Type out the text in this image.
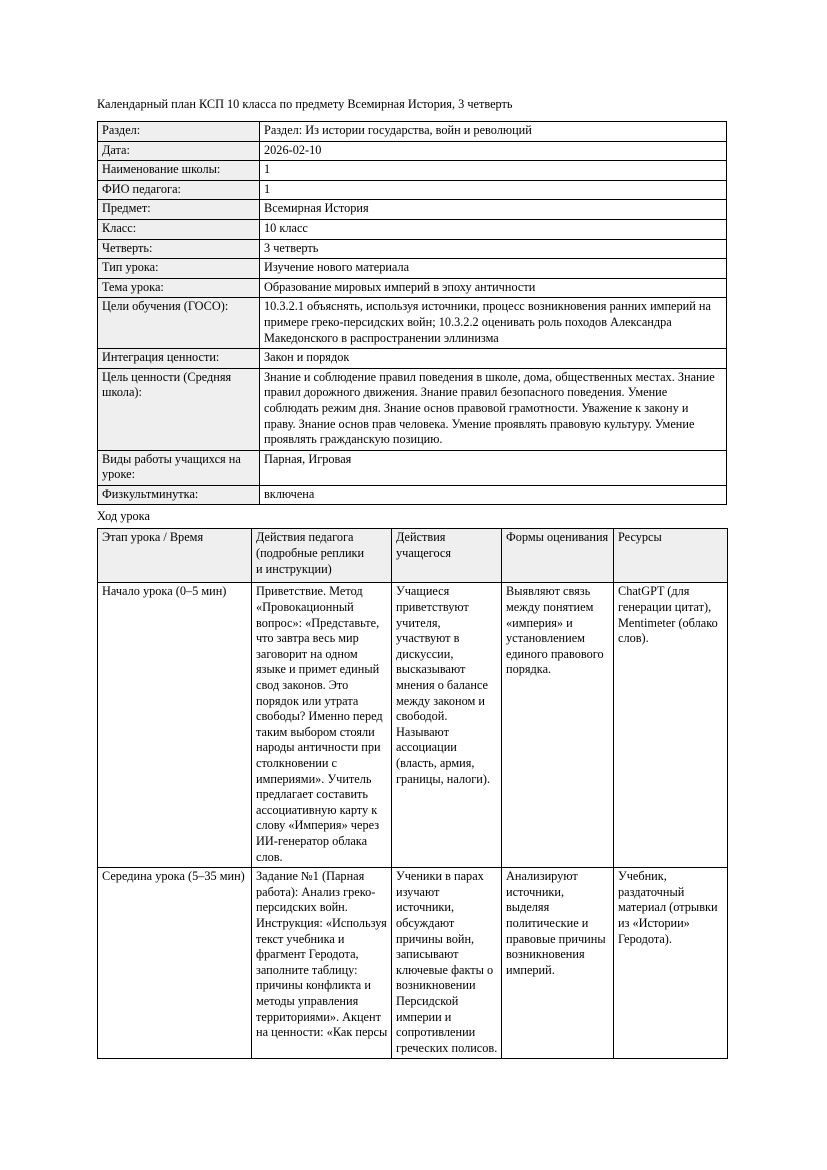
Календарный план КСП 10 класса по предмету Всемирная История, 3 четверть

Раздел:	Раздел: Из истории государства, войн и революций
Дата:	2026-02-10
Наименование школы:	1
ФИО педагога:	1
Предмет:	Всемирная История
Класс:	10 класс
Четверть:	3 четверть
Тип урока:	Изучение нового материала
Тема урока:	Образование мировых империй в эпоху античности
Цели обучения (ГОСО):	10.3.2.1 объяснять, используя источники, процесс возникновения ранних империй на примере греко-персидских войн; 10.3.2.2 оценивать роль походов Александра Македонского в распространении эллинизма
Интеграция ценности:	Закон и порядок
Цель ценности (Средняя школа):	Знание и соблюдение правил поведения в школе, дома, общественных местах. Знание правил дорожного движения. Знание правил безопасного поведения. Умение соблюдать режим дня. Знание основ правовой грамотности. Уважение к закону и праву. Знание основ прав человека. Умение проявлять правовую культуру. Умение проявлять гражданскую позицию.
Виды работы учащихся на уроке:	Парная, Игровая
Физкультминутка:	включена

Ход урока

Этап урока / Время	Действия педагога
(подробные реплики
и инструкции)	Действия учащегося	Формы оценивания	Ресурсы
Начало урока (0–5 мин)	Приветствие. Метод «Провокационный вопрос»: «Представьте, что завтра весь мир заговорит на одном языке и примет единый свод законов. Это порядок или утрата свободы? Именно перед таким выбором стояли народы античности при столкновении с империями». Учитель предлагает составить ассоциативную карту к слову «Империя» через ИИ-генератор облака слов.	Учащиеся приветствуют учителя, участвуют в дискуссии, высказывают мнения о балансе между законом и свободой. Называют ассоциации (власть, армия, границы, налоги).	Выявляют связь между понятием «империя» и установлением единого правового порядка.	ChatGPT (для генерации цитат), Mentimeter (облако слов).
Середина урока (5–35 мин)	Задание №1 (Парная работа): Анализ греко-персидских войн. Инструкция: «Используя текст учебника и фрагмент Геродота, заполните таблицу: причины конфликта и методы управления территориями». Акцент на ценности: «Как персы	Ученики в парах изучают источники, обсуждают причины войн, записывают ключевые факты о возникновении Персидской империи и сопротивлении греческих полисов.	Анализируют источники, выделяя политические и правовые причины возникновения империй.	Учебник, раздаточный материал (отрывки из «Истории» Геродота).
